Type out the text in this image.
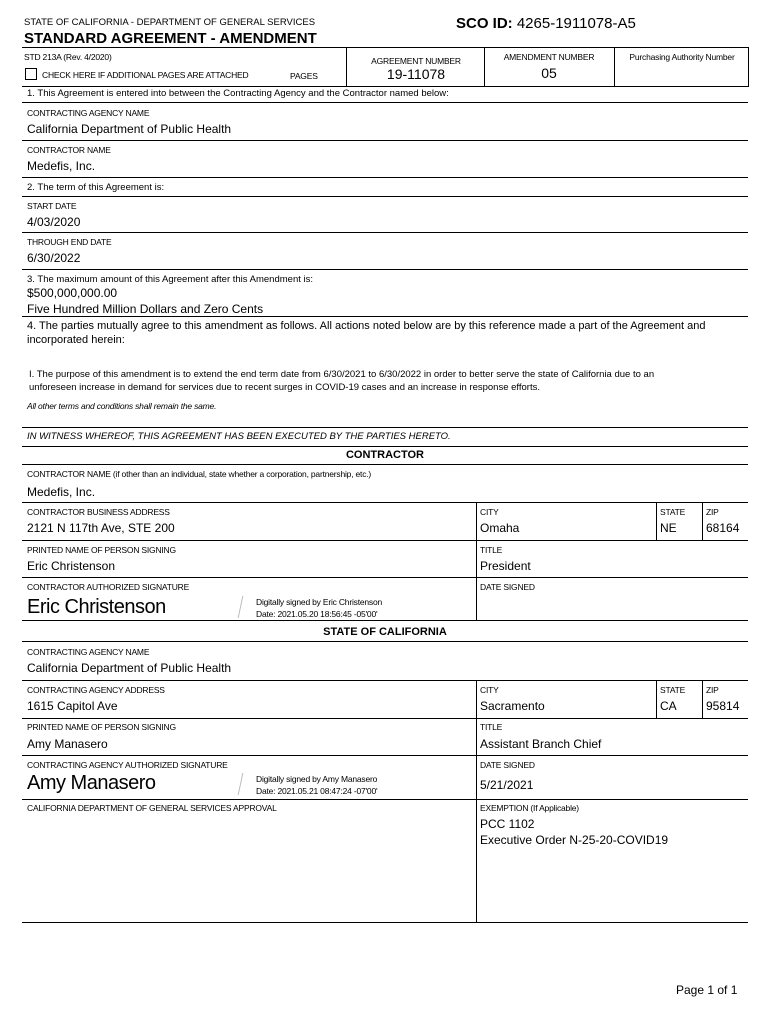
STATE OF CALIFORNIA - DEPARTMENT OF GENERAL SERVICES	SCO ID: 4265-1911078-A5
STANDARD AGREEMENT - AMENDMENT
STD 213A (Rev. 4/2020)	AGREEMENT NUMBER
19-11078
AMENDMENT NUMBER
05
Purchasing Authority Number
CHECK HERE IF ADDITIONAL PAGES ARE ATTACHED	PAGES
1. This Agreement is entered into between the Contracting Agency and the Contractor named below:
CONTRACTING AGENCY NAME
California Department of Public Health
CONTRACTOR NAME
Medefis, Inc.
2. The term of this Agreement is:
START DATE
4/03/2020
THROUGH END DATE
6/30/2022
3. The maximum amount of this Agreement after this Amendment is:
$500,000,000.00
Five Hundred Million Dollars and Zero Cents
4. The parties mutually agree to this amendment as follows. All actions noted below are by this reference made a part of the Agreement and
incorporated herein:
I. The purpose of this amendment is to extend the end term date from 6/30/2021 to 6/30/2022 in order to better serve the state of California due to an
unforeseen increase in demand for services due to recent surges in COVID-19 cases and an increase in response efforts.
All other terms and conditions shall remain the same.
IN WITNESS WHEREOF, THIS AGREEMENT HAS BEEN EXECUTED BY THE PARTIES HERETO.
CONTRACTOR
CONTRACTOR NAME (if other than an individual, state whether a corporation, partnership, etc.)
Medefis, Inc.
CONTRACTOR BUSINESS ADDRESS
2121 N 117th Ave, STE 200
CITY
Omaha
STATE
NE
ZIP
68164
PRINTED NAME OF PERSON SIGNING
Eric Christenson
TITLE
President
CONTRACTOR AUTHORIZED SIGNATURE
Eric Christenson	Digitally signed by Eric Christenson
Date: 2021.05.20 18:56:45 -05'00'
DATE SIGNED
STATE OF CALIFORNIA
CONTRACTING AGENCY NAME
California Department of Public Health
CONTRACTING AGENCY ADDRESS
1615 Capitol Ave
CITY
Sacramento
STATE
CA
ZIP
95814
PRINTED NAME OF PERSON SIGNING
Amy Manasero
TITLE
Assistant Branch Chief
CONTRACTING AGENCY AUTHORIZED SIGNATURE
Amy Manasero	Digitally signed by Amy Manasero
Date: 2021.05.21 08:47:24 -07'00'
DATE SIGNED
5/21/2021
CALIFORNIA DEPARTMENT OF GENERAL SERVICES APPROVAL	EXEMPTION (If Applicable)
PCC 1102
Executive Order N-25-20-COVID19
Page 1 of 1
